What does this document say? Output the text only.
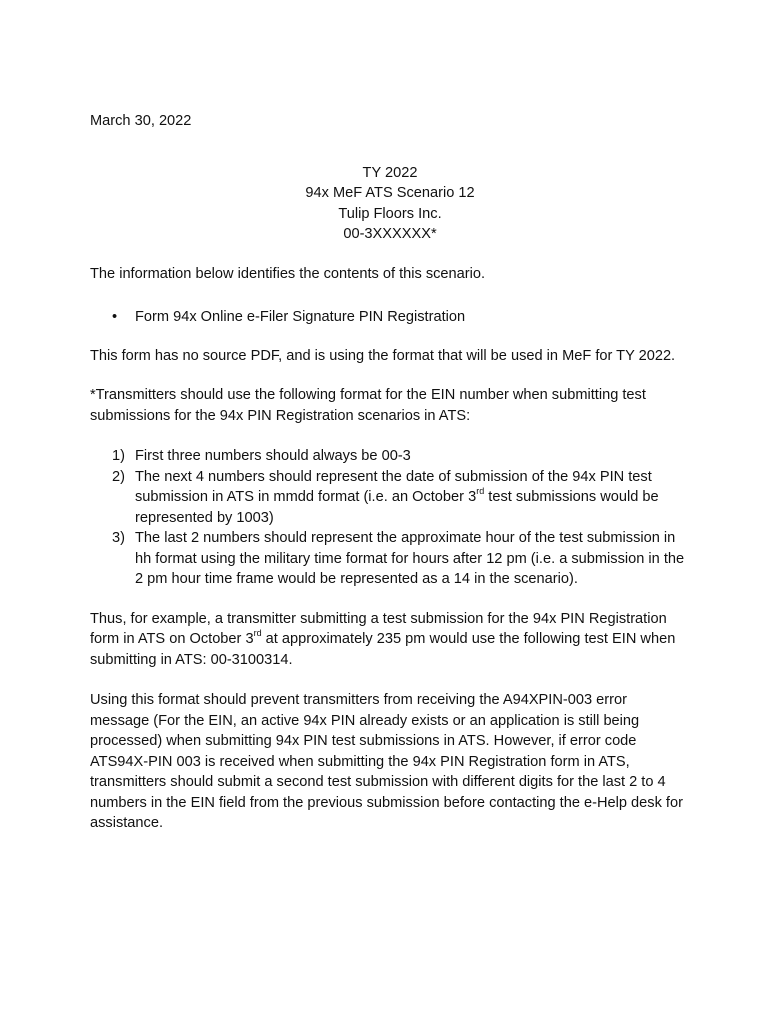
March 30, 2022

TY 2022
94x MeF ATS Scenario 12
Tulip Floors Inc.
00-3XXXXXX*

The information below identifies the contents of this scenario.

• Form 94x Online e-Filer Signature PIN Registration

This form has no source PDF, and is using the format that will be used in MeF for TY 2022.

*Transmitters should use the following format for the EIN number when submitting test submissions for the 94x PIN Registration scenarios in ATS:

1) First three numbers should always be 00-3
2) The next 4 numbers should represent the date of submission of the 94x PIN test submission in ATS in mmdd format (i.e. an October 3rd test submissions would be represented by 1003)
3) The last 2 numbers should represent the approximate hour of the test submission in hh format using the military time format for hours after 12 pm (i.e. a submission in the 2 pm hour time frame would be represented as a 14 in the scenario).

Thus, for example, a transmitter submitting a test submission for the 94x PIN Registration form in ATS on October 3rd at approximately 235 pm would use the following test EIN when submitting in ATS: 00-3100314.

Using this format should prevent transmitters from receiving the A94XPIN-003 error message (For the EIN, an active 94x PIN already exists or an application is still being processed) when submitting 94x PIN test submissions in ATS. However, if error code ATS94X-PIN 003 is received when submitting the 94x PIN Registration form in ATS, transmitters should submit a second test submission with different digits for the last 2 to 4 numbers in the EIN field from the previous submission before contacting the e-Help desk for assistance.
